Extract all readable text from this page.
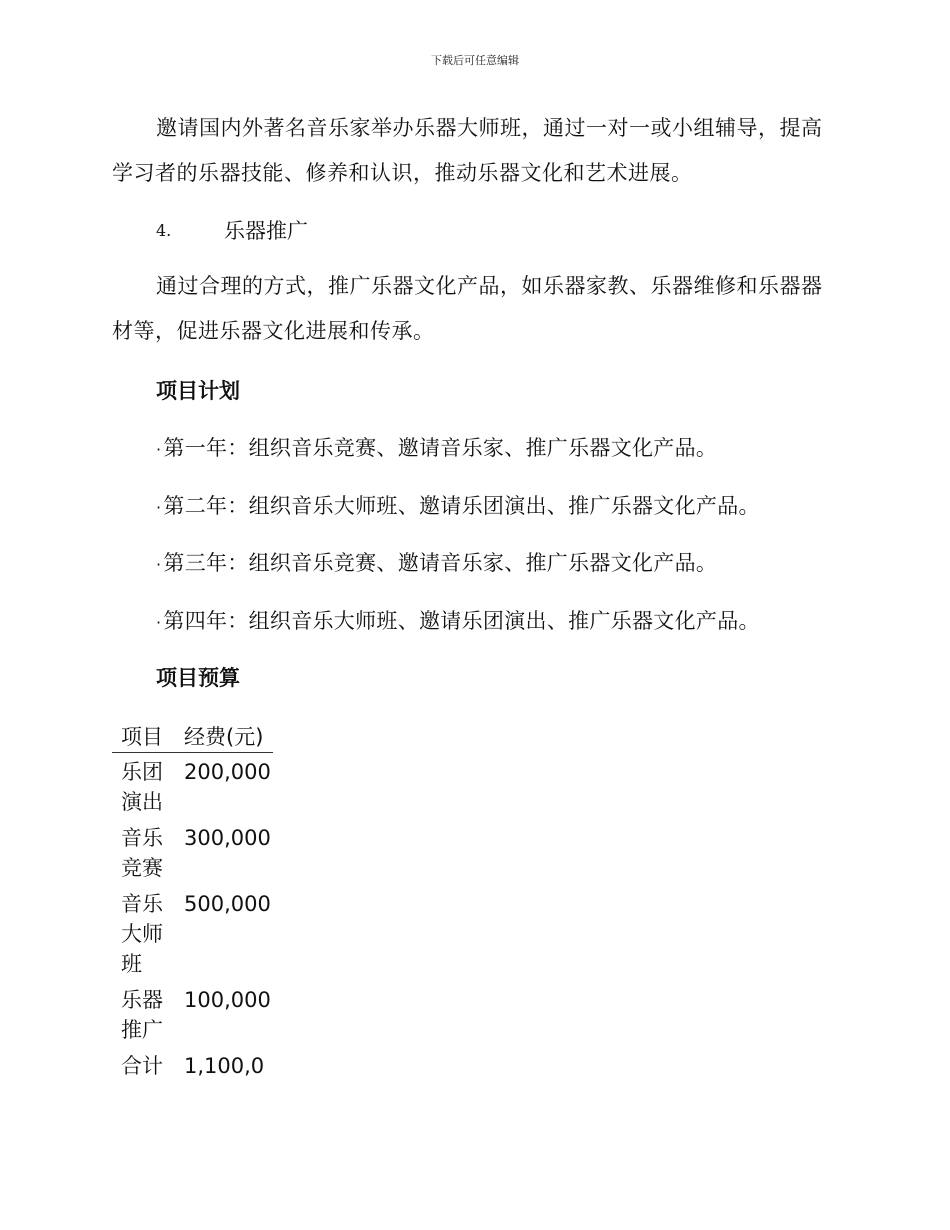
下载后可任意编辑

邀请国内外著名音乐家举办乐器大师班，通过一对一或小组辅导，提高学习者的乐器技能、修养和认识，推动乐器文化和艺术进展。

4.	乐器推广

通过合理的方式，推广乐器文化产品，如乐器家教、乐器维修和乐器器材等，促进乐器文化进展和传承。

项目计划
·第一年：组织音乐竞赛、邀请音乐家、推广乐器文化产品。
·第二年：组织音乐大师班、邀请乐团演出、推广乐器文化产品。
·第三年：组织音乐竞赛、邀请音乐家、推广乐器文化产品。
·第四年：组织音乐大师班、邀请乐团演出、推广乐器文化产品。
项目预算
项目	经费(元)
乐团演出	200,000

音乐竞赛	300,000

音乐大师班	500,000

乐器推广	100,000

合计	1,100,0
